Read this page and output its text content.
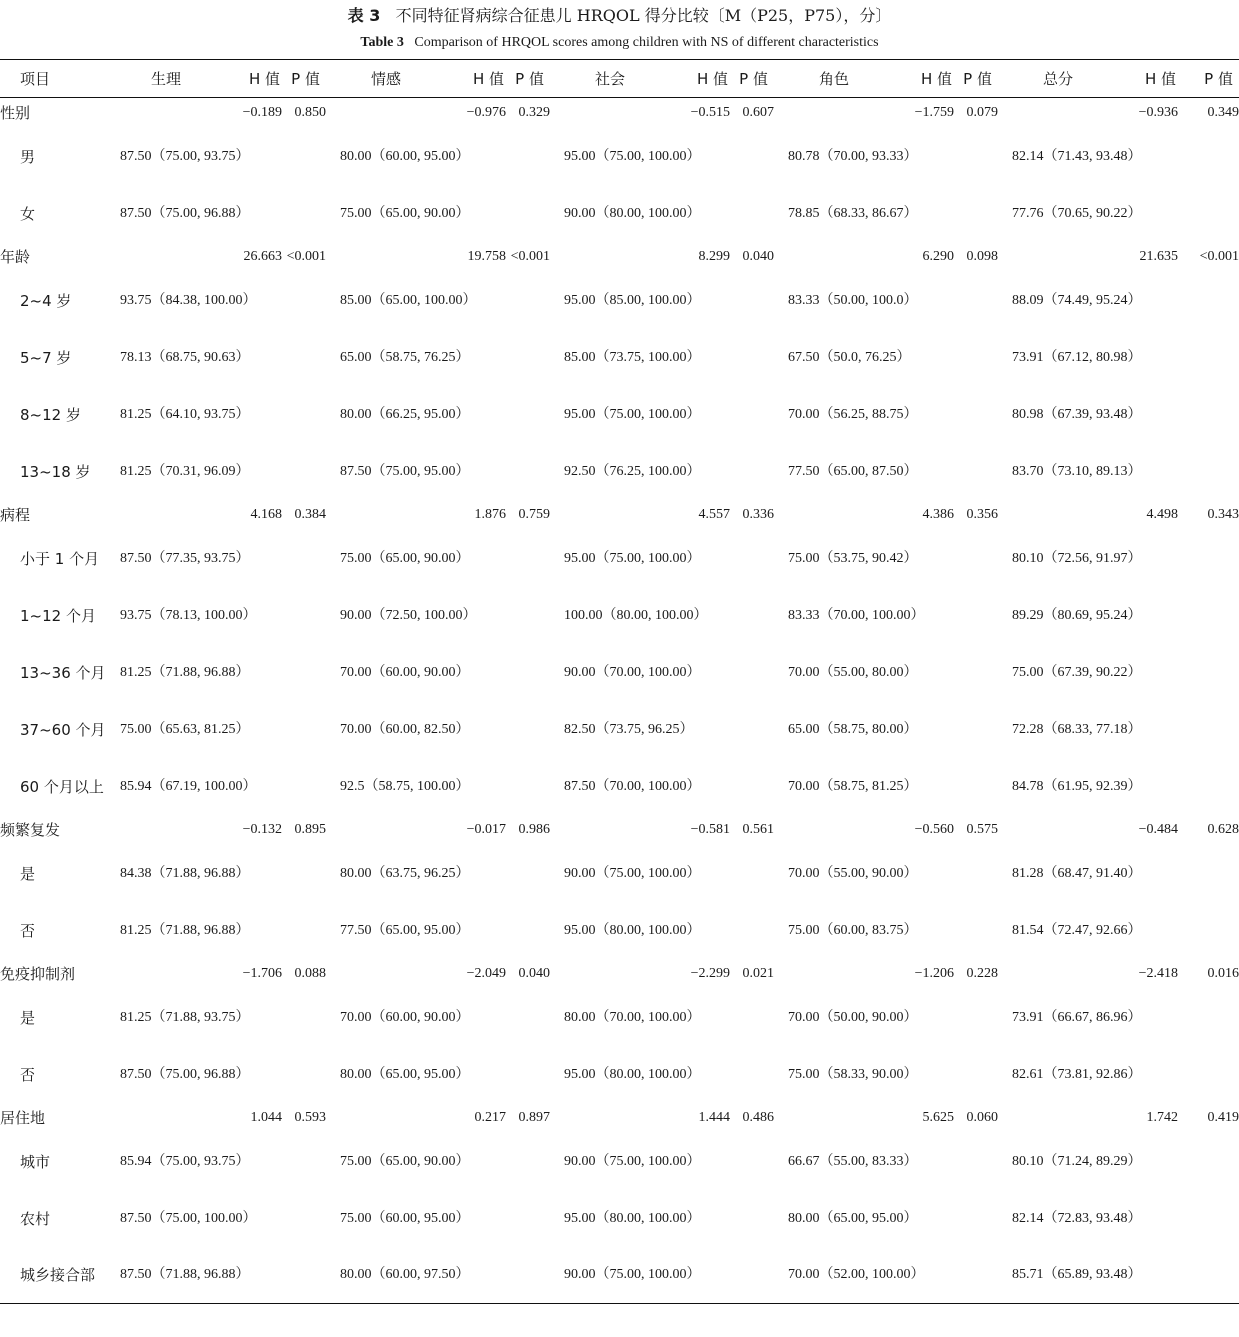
表 3 不同特征肾病综合征患儿 HRQOL 得分比较〔M（P25，P75），分〕
Table 3 Comparison of HRQOL scores among children with NS of different characteristics
项目	生理	H 值	P 值	情感	H 值	P 值	社会	H 值	P 值	角色	H 值	P 值	总分	H 值	P 值
性别		−0.189	0.850		−0.976	0.329		−0.515	0.607		−1.759	0.079		−0.936	0.349
男	87.50（75.00, 93.75）			80.00（60.00, 95.00）			95.00（75.00, 100.00）			80.78（70.00, 93.33）			82.14（71.43, 93.48）		
女	87.50（75.00, 96.88）			75.00（65.00, 90.00）			90.00（80.00, 100.00）			78.85（68.33, 86.67）			77.76（70.65, 90.22）		
年龄		26.663	<0.001		19.758	<0.001		8.299	0.040		6.290	0.098		21.635	<0.001
2~4 岁	93.75（84.38, 100.00）			85.00（65.00, 100.00）			95.00（85.00, 100.00）			83.33（50.00, 100.0）			88.09（74.49, 95.24）		
5~7 岁	78.13（68.75, 90.63）			65.00（58.75, 76.25）			85.00（73.75, 100.00）			67.50（50.0, 76.25）			73.91（67.12, 80.98）		
8~12 岁	81.25（64.10, 93.75）			80.00（66.25, 95.00）			95.00（75.00, 100.00）			70.00（56.25, 88.75）			80.98（67.39, 93.48）		
13~18 岁	81.25（70.31, 96.09）			87.50（75.00, 95.00）			92.50（76.25, 100.00）			77.50（65.00, 87.50）			83.70（73.10, 89.13）		
病程		4.168	0.384		1.876	0.759		4.557	0.336		4.386	0.356		4.498	0.343
小于 1 个月	87.50（77.35, 93.75）			75.00（65.00, 90.00）			95.00（75.00, 100.00）			75.00（53.75, 90.42）			80.10（72.56, 91.97）		
1~12 个月	93.75（78.13, 100.00）			90.00（72.50, 100.00）			100.00（80.00, 100.00）			83.33（70.00, 100.00）			89.29（80.69, 95.24）		
13~36 个月	81.25（71.88, 96.88）			70.00（60.00, 90.00）			90.00（70.00, 100.00）			70.00（55.00, 80.00）			75.00（67.39, 90.22）		
37~60 个月	75.00（65.63, 81.25）			70.00（60.00, 82.50）			82.50（73.75, 96.25）			65.00（58.75, 80.00）			72.28（68.33, 77.18）		
60 个月以上	85.94（67.19, 100.00）			92.5（58.75, 100.00）			87.50（70.00, 100.00）			70.00（58.75, 81.25）			84.78（61.95, 92.39）		
频繁复发		−0.132	0.895		−0.017	0.986		−0.581	0.561		−0.560	0.575		−0.484	0.628
是	84.38（71.88, 96.88）			80.00（63.75, 96.25）			90.00（75.00, 100.00）			70.00（55.00, 90.00）			81.28（68.47, 91.40）		
否	81.25（71.88, 96.88）			77.50（65.00, 95.00）			95.00（80.00, 100.00）			75.00（60.00, 83.75）			81.54（72.47, 92.66）		
免疫抑制剂		−1.706	0.088		−2.049	0.040		−2.299	0.021		−1.206	0.228		−2.418	0.016
是	81.25（71.88, 93.75）			70.00（60.00, 90.00）			80.00（70.00, 100.00）			70.00（50.00, 90.00）			73.91（66.67, 86.96）		
否	87.50（75.00, 96.88）			80.00（65.00, 95.00）			95.00（80.00, 100.00）			75.00（58.33, 90.00）			82.61（73.81, 92.86）		
居住地		1.044	0.593		0.217	0.897		1.444	0.486		5.625	0.060		1.742	0.419
城市	85.94（75.00, 93.75）			75.00（65.00, 90.00）			90.00（75.00, 100.00）			66.67（55.00, 83.33）			80.10（71.24, 89.29）		
农村	87.50（75.00, 100.00）			75.00（60.00, 95.00）			95.00（80.00, 100.00）			80.00（65.00, 95.00）			82.14（72.83, 93.48）		
城乡接合部	87.50（71.88, 96.88）			80.00（60.00, 97.50）			90.00（75.00, 100.00）			70.00（52.00, 100.00）			85.71（65.89, 93.48）		
